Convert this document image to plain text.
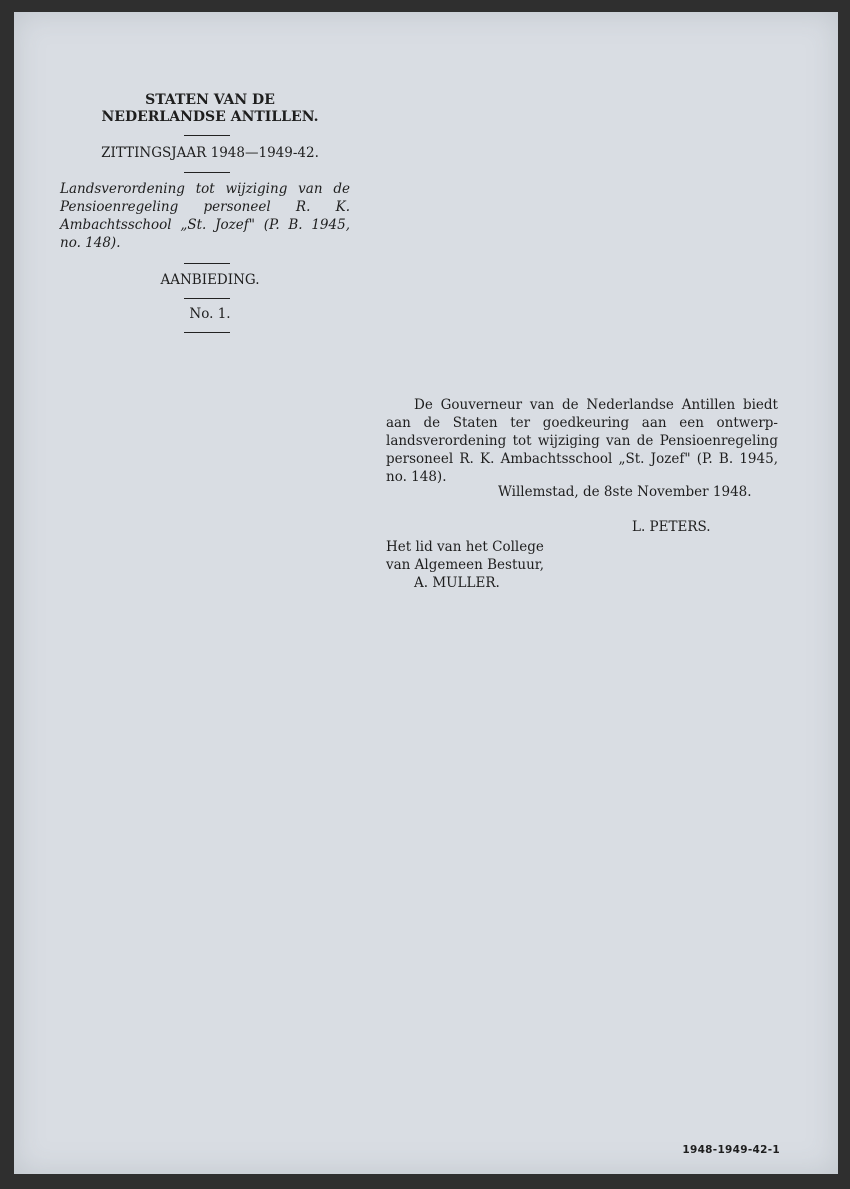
STATEN VAN DE
NEDERLANDSE ANTILLEN.
ZITTINGSJAAR 1948—1949-42.
Landsverordening tot wijziging van de Pensioenregeling personeel R. K. Ambachtsschool „St. Jozef" (P. B. 1945, no. 148).
AANBIEDING.
No. 1.
De Gouverneur van de Nederlandse Antillen biedt aan de Staten ter goedkeuring aan een ontwerp-landsverordening tot wijziging van de Pensioenregeling personeel R. K. Ambachtsschool „St. Jozef" (P. B. 1945, no. 148).
Willemstad, de 8ste November 1948.
L. PETERS.
Het lid van het College
van Algemeen Bestuur,
A. MULLER.
1948-1949-42-1
